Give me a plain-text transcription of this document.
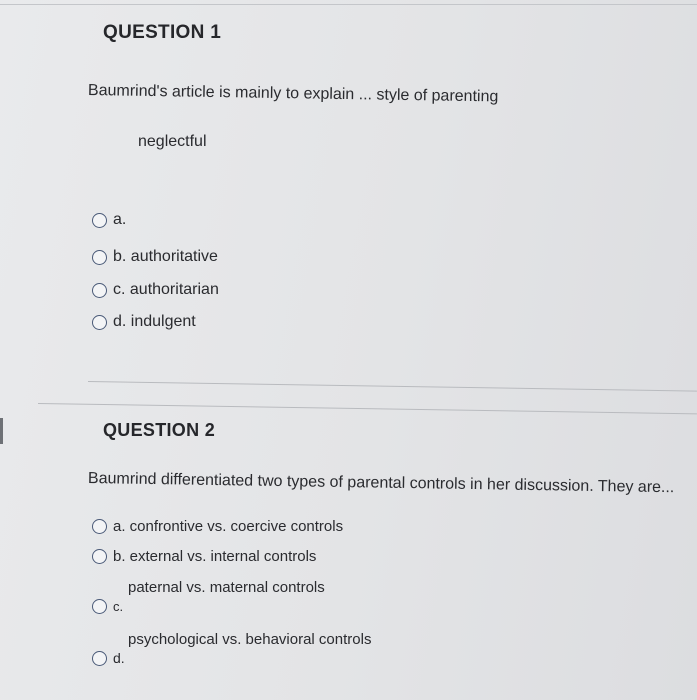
QUESTION 1
Baumrind's article is mainly to explain ... style of parenting
neglectful
a.
b. authoritative
c. authoritarian
d. indulgent
QUESTION 2
Baumrind differentiated two types of parental controls in her discussion. They are...
a. confrontive vs. coercive controls
b. external vs. internal controls
paternal vs. maternal controls
c.
psychological vs. behavioral controls
d.
